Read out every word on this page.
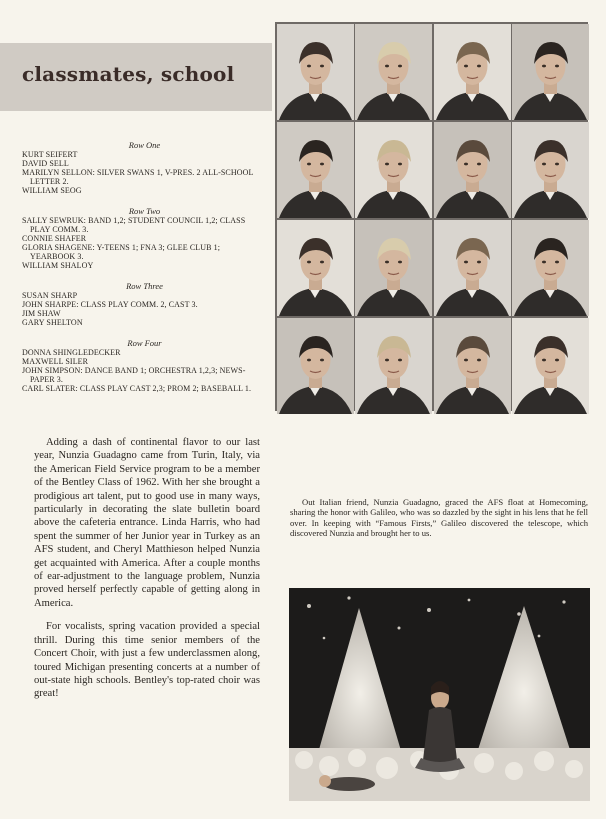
classmates, school

Row One

KURT SEIFERT

DAVID SELL

MARILYN SELLON: SILVER SWANS 1, V-PRES. 2 ALL-SCHOOL LETTER 2.

WILLIAM SEOG

Row Two

SALLY SEWRUK: BAND 1,2; STUDENT COUNCIL 1,2; CLASS PLAY COMM. 3.

CONNIE SHAFER

GLORIA SHAGENE: Y-TEENS 1; FNA 3; GLEE CLUB 1; YEARBOOK 3.

WILLIAM SHALOY

Row Three

SUSAN SHARP

JOHN SHARPE: CLASS PLAY COMM. 2, CAST 3.

JIM SHAW

GARY SHELTON

Row Four

DONNA SHINGLEDECKER

MAXWELL SILER

JOHN SIMPSON: DANCE BAND 1; ORCHESTRA 1,2,3; NEWS-PAPER 3.

CARL SLATER: CLASS PLAY CAST 2,3; PROM 2; BASEBALL 1.

Adding a dash of continental flavor to our last year, Nunzia Guadagno came from Turin, Italy, via the American Field Service program to be a member of the Bentley Class of 1962. With her she brought a prodigious art talent, put to good use in many ways, particularly in decorating the slate bulletin board above the cafeteria entrance. Linda Harris, who had spent the summer of her Junior year in Turkey as an AFS student, and Cheryl Matthieson helped Nunzia get acquainted with America. After a couple months of ear-adjustment to the language problem, Nunzia proved herself perfectly capable of getting along in America.

For vocalists, spring vacation provided a special thrill. During this time senior members of the Concert Choir, with just a few underclassmen along, toured Michigan presenting concerts at a number of out-state high schools. Bentley's top-rated choir was great!

Out Italian friend, Nunzia Guadagno, graced the AFS float at Homecoming, sharing the honor with Galileo, who was so dazzled by the sight in his lens that he fell over. In keeping with “Famous Firsts,” Galileo discovered the telescope, which discovered Nunzia and brought her to us.
